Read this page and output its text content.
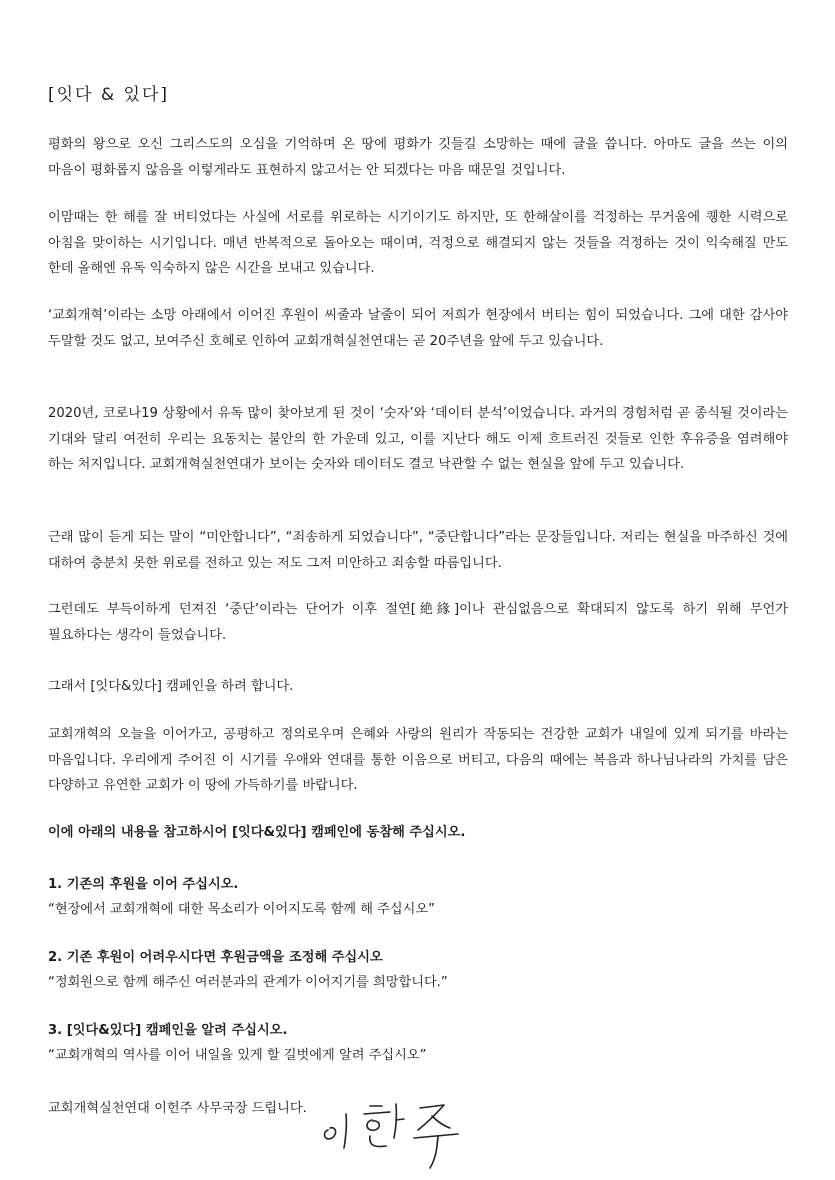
[잇다 & 있다]

평화의 왕으로 오신 그리스도의 오심을 기억하며 온 땅에 평화가 깃들길 소망하는 때에 글을 씁니다. 아마도 글을 쓰는 이의 마음이 평화롭지 않음을 이렇게라도 표현하지 않고서는 안 되겠다는 마음 때문일 것입니다.

이맘때는 한 해를 잘 버티었다는 사실에 서로를 위로하는 시기이기도 하지만, 또 한해살이를 걱정하는 무거움에 퀭한 시력으로 아침을 맞이하는 시기입니다. 매년 반복적으로 돌아오는 때이며, 걱정으로 해결되지 않는 것들을 걱정하는 것이 익숙해질 만도 한데 올해엔 유독 익숙하지 않은 시간을 보내고 있습니다.

‘교회개혁’이라는 소망 아래에서 이어진 후원이 씨줄과 날줄이 되어 저희가 현장에서 버티는 힘이 되었습니다. 그에 대한 감사야 두말할 것도 없고, 보여주신 호혜로 인하여 교회개혁실천연대는 곧 20주년을 앞에 두고 있습니다.

2020년, 코로나19 상황에서 유독 많이 찾아보게 된 것이 ‘숫자’와 ‘데이터 분석’이었습니다. 과거의 경험처럼 곧 종식될 것이라는 기대와 달리 여전히 우리는 요동치는 불안의 한 가운데 있고, 이를 지난다 해도 이제 흐트러진 것들로 인한 후유증을 염려해야 하는 처지입니다. 교회개혁실천연대가 보이는 숫자와 데이터도 결코 낙관할 수 없는 현실을 앞에 두고 있습니다.

근래 많이 듣게 되는 말이 “미안합니다”, “죄송하게 되었습니다”, “중단합니다”라는 문장들입니다. 저리는 현실을 마주하신 것에 대하여 충분치 못한 위로를 전하고 있는 저도 그저 미안하고 죄송할 따름입니다.

그런데도 부득이하게 던져진 ‘중단’이라는 단어가 이후 절연[絶緣]이나 관심없음으로 확대되지 않도록 하기 위해 무언가 필요하다는 생각이 들었습니다.

그래서 [잇다&있다] 캠페인을 하려 합니다.

교회개혁의 오늘을 이어가고, 공평하고 정의로우며 은혜와 사랑의 원리가 작동되는 건강한 교회가 내일에 있게 되기를 바라는 마음입니다. 우리에게 주어진 이 시기를 우애와 연대를 통한 이음으로 버티고, 다음의 때에는 복음과 하나님나라의 가치를 담은 다양하고 유연한 교회가 이 땅에 가득하기를 바랍니다.

이에 아래의 내용을 참고하시어 [잇다&있다] 캠페인에 동참해 주십시오.

1. 기존의 후원을 이어 주십시오.

“현장에서 교회개혁에 대한 목소리가 이어지도록 함께 해 주십시오”

2. 기존 후원이 어려우시다면 후원금액을 조정해 주십시오

“정회원으로 함께 해주신 여러분과의 관계가 이어지기를 희망합니다.”

3. [잇다&있다] 캠페인을 알려 주십시오.

“교회개혁의 역사를 이어 내일을 있게 할 길벗에게 알려 주십시오”

교회개혁실천연대 이헌주 사무국장 드립니다.
